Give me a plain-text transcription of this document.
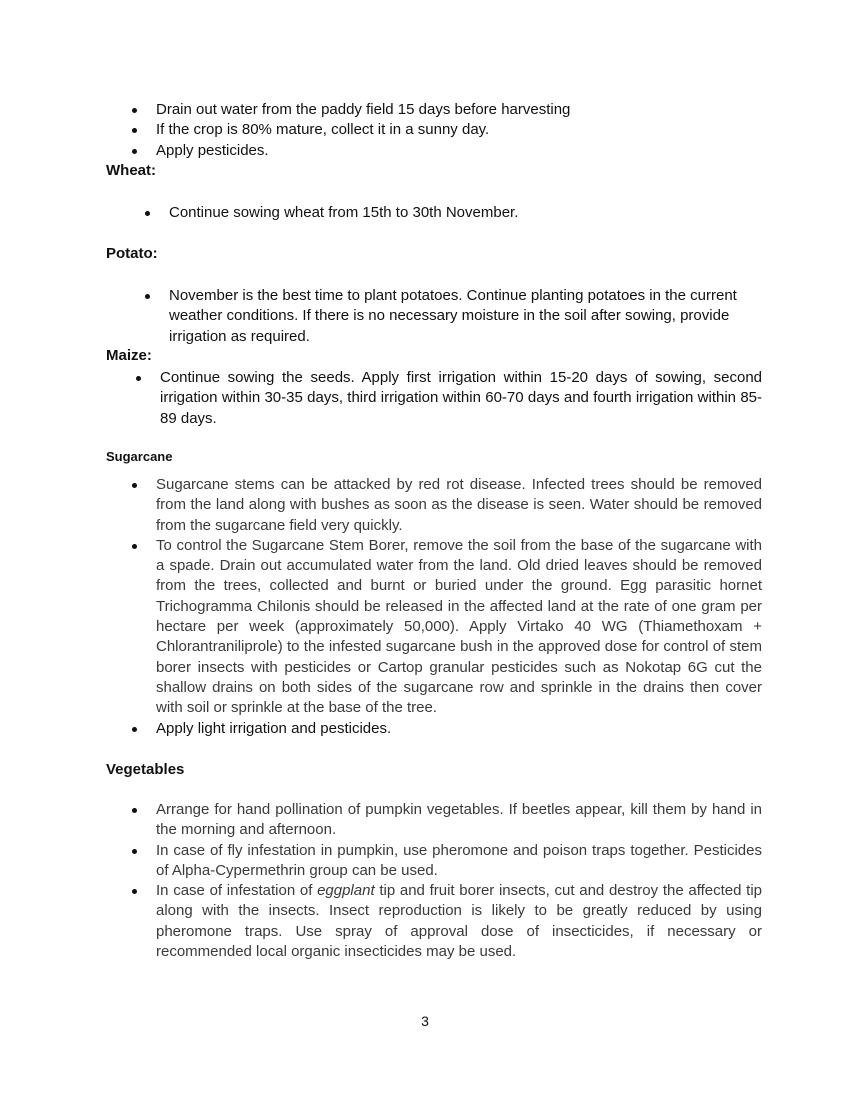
Drain out water from the paddy field 15 days before harvesting
If the crop is 80% mature, collect it in a sunny day.
Apply pesticides.
Wheat:
Continue sowing wheat from 15th to 30th November.
Potato:
November is the best time to plant potatoes. Continue planting potatoes in the current weather conditions. If there is no necessary moisture in the soil after sowing, provide irrigation as required.
Maize:
Continue sowing the seeds. Apply first irrigation within 15-20 days of sowing, second irrigation within 30-35 days, third irrigation within 60-70 days and fourth irrigation within 85-89 days.
Sugarcane
Sugarcane stems can be attacked by red rot disease. Infected trees should be removed from the land along with bushes as soon as the disease is seen. Water should be removed from the sugarcane field very quickly.
To control the Sugarcane Stem Borer, remove the soil from the base of the sugarcane with a spade. Drain out accumulated water from the land. Old dried leaves should be removed from the trees, collected and burnt or buried under the ground. Egg parasitic hornet Trichogramma Chilonis should be released in the affected land at the rate of one gram per hectare per week (approximately 50,000). Apply Virtako 40 WG (Thiamethoxam + Chlorantraniliprole) to the infested sugarcane bush in the approved dose for control of stem borer insects with pesticides or Cartop granular pesticides such as Nokotap 6G cut the shallow drains on both sides of the sugarcane row and sprinkle in the drains then cover with soil or sprinkle at the base of the tree.
Apply light irrigation and pesticides.
Vegetables
Arrange for hand pollination of pumpkin vegetables. If beetles appear, kill them by hand in the morning and afternoon.
In case of fly infestation in pumpkin, use pheromone and poison traps together. Pesticides of Alpha-Cypermethrin group can be used.
In case of infestation of eggplant tip and fruit borer insects, cut and destroy the affected tip along with the insects. Insect reproduction is likely to be greatly reduced by using pheromone traps. Use spray of approval dose of insecticides, if necessary or recommended local organic insecticides may be used.
3
